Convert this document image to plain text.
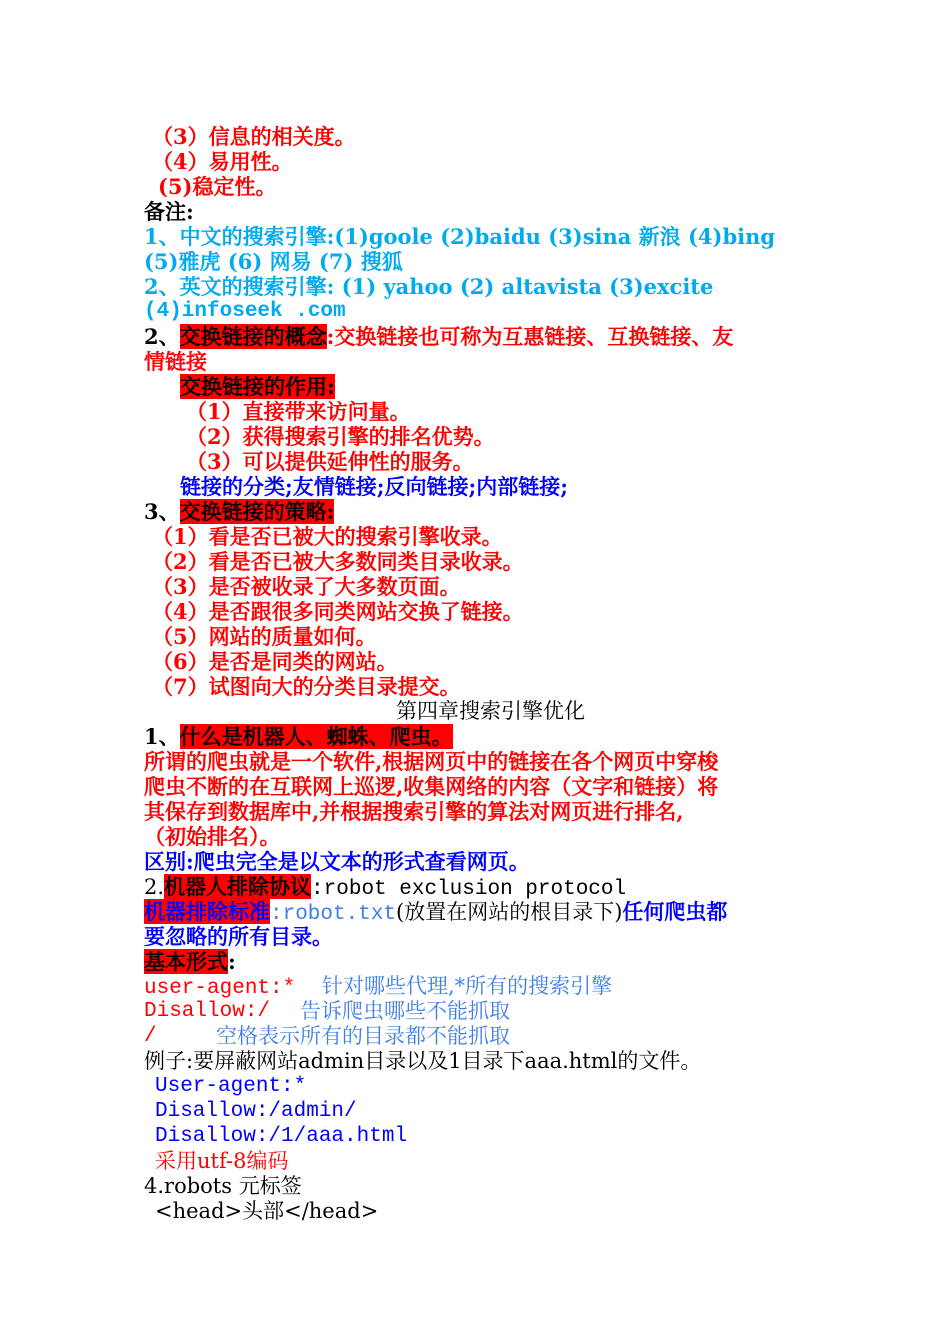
（3）信息的相关度。
（4）易用性。
(5)稳定性。
备注:
1、中文的搜索引擎:(1)goole (2)baidu (3)sina 新浪 (4)bing
(5)雅虎 (6) 网易 (7) 搜狐
2、英文的搜索引擎: (1) yahoo (2) altavista (3)excite
(4)infoseek .com
2、交换链接的概念:交换链接也可称为互惠链接、互换链接、友
情链接
交换链接的作用:
（1）直接带来访问量。
（2）获得搜索引擎的排名优势。
（3）可以提供延伸性的服务。
链接的分类;友情链接;反向链接;内部链接;
3、交换链接的策略:
（1）看是否已被大的搜索引擎收录。
（2）看是否已被大多数同类目录收录。
（3）是否被收录了大多数页面。
（4）是否跟很多同类网站交换了链接。
（5）网站的质量如何。
（6）是否是同类的网站。
（7）试图向大的分类目录提交。
第四章搜索引擎优化
1、什么是机器人、蜘蛛、爬虫。
所谓的爬虫就是一个软件,根据网页中的链接在各个网页中穿梭
爬虫不断的在互联网上巡逻,收集网络的内容（文字和链接）将
其保存到数据库中,并根据搜索引擎的算法对网页进行排名,
（初始排名）。
区别:爬虫完全是以文本的形式查看网页。
2.机器人排除协议:robot exclusion protocol
机器排除标准:robot.txt(放置在网站的根目录下)任何爬虫都
要忽略的所有目录。
基本形式:
user-agent:* 针对哪些代理,*所有的搜索引擎
Disallow:/ 告诉爬虫哪些不能抓取
/	空格表示所有的目录都不能抓取
例子:要屏蔽网站admin目录以及1目录下aaa.html的文件。
User-agent:*
Disallow:/admin/
Disallow:/1/aaa.html
采用utf-8编码
4.robots 元标签
<head>头部</head>
